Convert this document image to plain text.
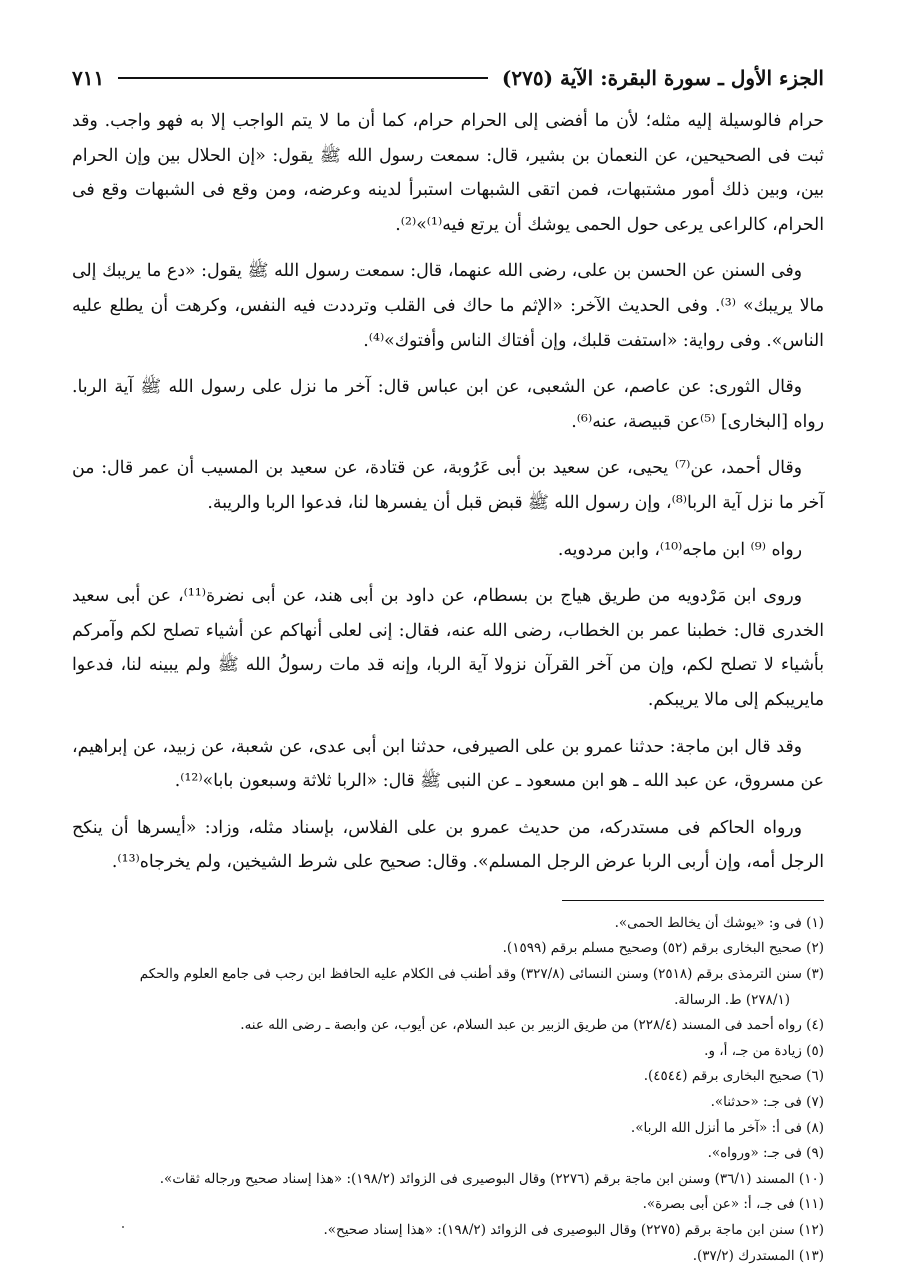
الجزء الأول ـ سورة البقرة: الآية (٢٧٥)
٧١١

حرام فالوسيلة إليه مثله؛ لأن ما أفضى إلى الحرام حرام، كما أن ما لا يتم الواجب إلا به فهو واجب. وقد ثبت فى الصحيحين، عن النعمان بن بشير، قال: سمعت رسول الله ﷺ يقول: «إن الحلال بين وإن الحرام بين، وبين ذلك أمور مشتبهات، فمن اتقى الشبهات استبرأ لدينه وعرضه، ومن وقع فى الشبهات وقع فى الحرام، كالراعى يرعى حول الحمى يوشك أن يرتع فيه⁽¹⁾»⁽²⁾.

وفى السنن عن الحسن بن على، رضى الله عنهما، قال: سمعت رسول الله ﷺ يقول: «دع ما يريبك إلى مالا يريبك» ⁽³⁾. وفى الحديث الآخر: «الإثم ما حاك فى القلب وترددت فيه النفس، وكرهت أن يطلع عليه الناس». وفى رواية: «استفت قلبك، وإن أفتاك الناس وأفتوك»⁽⁴⁾.

وقال الثورى: عن عاصم، عن الشعبى، عن ابن عباس قال: آخر ما نزل على رسول الله ﷺ آية الربا. رواه [البخارى] ⁽⁵⁾عن قبيصة، عنه⁽⁶⁾.

وقال أحمد، عن⁽⁷⁾ يحيى، عن سعيد بن أبى عَرُوبة، عن قتادة، عن سعيد بن المسيب أن عمر قال: من آخر ما نزل آية الربا⁽⁸⁾، وإن رسول الله ﷺ قبض قبل أن يفسرها لنا، فدعوا الربا والريبة.

رواه ⁽⁹⁾ ابن ماجه⁽¹⁰⁾، وابن مردويه.

وروى ابن مَرْدويه من طريق هياج بن بسطام، عن داود بن أبى هند، عن أبى نضرة⁽¹¹⁾، عن أبى سعيد الخدرى قال: خطبنا عمر بن الخطاب، رضى الله عنه، فقال: إنى لعلى أنهاكم عن أشياء تصلح لكم وآمركم بأشياء لا تصلح لكم، وإن من آخر القرآن نزولا آية الربا، وإنه قد مات رسولُ الله ﷺ ولم يبينه لنا، فدعوا مايريبكم إلى مالا يريبكم.

وقد قال ابن ماجة: حدثنا عمرو بن على الصيرفى، حدثنا ابن أبى عدى، عن شعبة، عن زبيد، عن إبراهيم، عن مسروق، عن عبد الله ـ هو ابن مسعود ـ عن النبى ﷺ قال: «الربا ثلاثة وسبعون بابا»⁽¹²⁾.

ورواه الحاكم فى مستدركه، من حديث عمرو بن على الفلاس، بإسناد مثله، وزاد: «أيسرها أن ينكح الرجل أمه، وإن أربى الربا عرض الرجل المسلم». وقال: صحيح على شرط الشيخين، ولم يخرجاه⁽¹³⁾.

(١) فى و: «يوشك أن يخالط الحمى».

(٢) صحيح البخارى برقم (٥٢) وصحيح مسلم برقم (١٥٩٩).

(٣) سنن الترمذى برقم (٢٥١٨) وسنن النسائى (٣٢٧/٨) وقد أطنب فى الكلام عليه الحافظ ابن رجب فى جامع العلوم والحكم

(٢٧٨/١) ط. الرسالة.

(٤) رواه أحمد فى المسند (٢٢٨/٤) من طريق الزبير بن عبد السلام، عن أيوب، عن وابصة ـ رضى الله عنه.

(٥) زيادة من جـ، أ، و.

(٦) صحيح البخارى برقم (٤٥٤٤).

(٧) فى جـ: «حدثنا».

(٨) فى أ: «آخر ما أنزل الله الربا».

(٩) فى جـ: «ورواه».

(١٠) المسند (٣٦/١) وسنن ابن ماجة برقم (٢٢٧٦) وقال البوصيرى فى الزوائد (١٩٨/٢): «هذا إسناد صحيح ورجاله ثقات».

(١١) فى جـ، أ: «عن أبى بصرة».

(١٢) سنن ابن ماجة برقم (٢٢٧٥) وقال البوصيرى فى الزوائد (١٩٨/٢): «هذا إسناد صحيح».

(١٣) المستدرك (٣٧/٢).
